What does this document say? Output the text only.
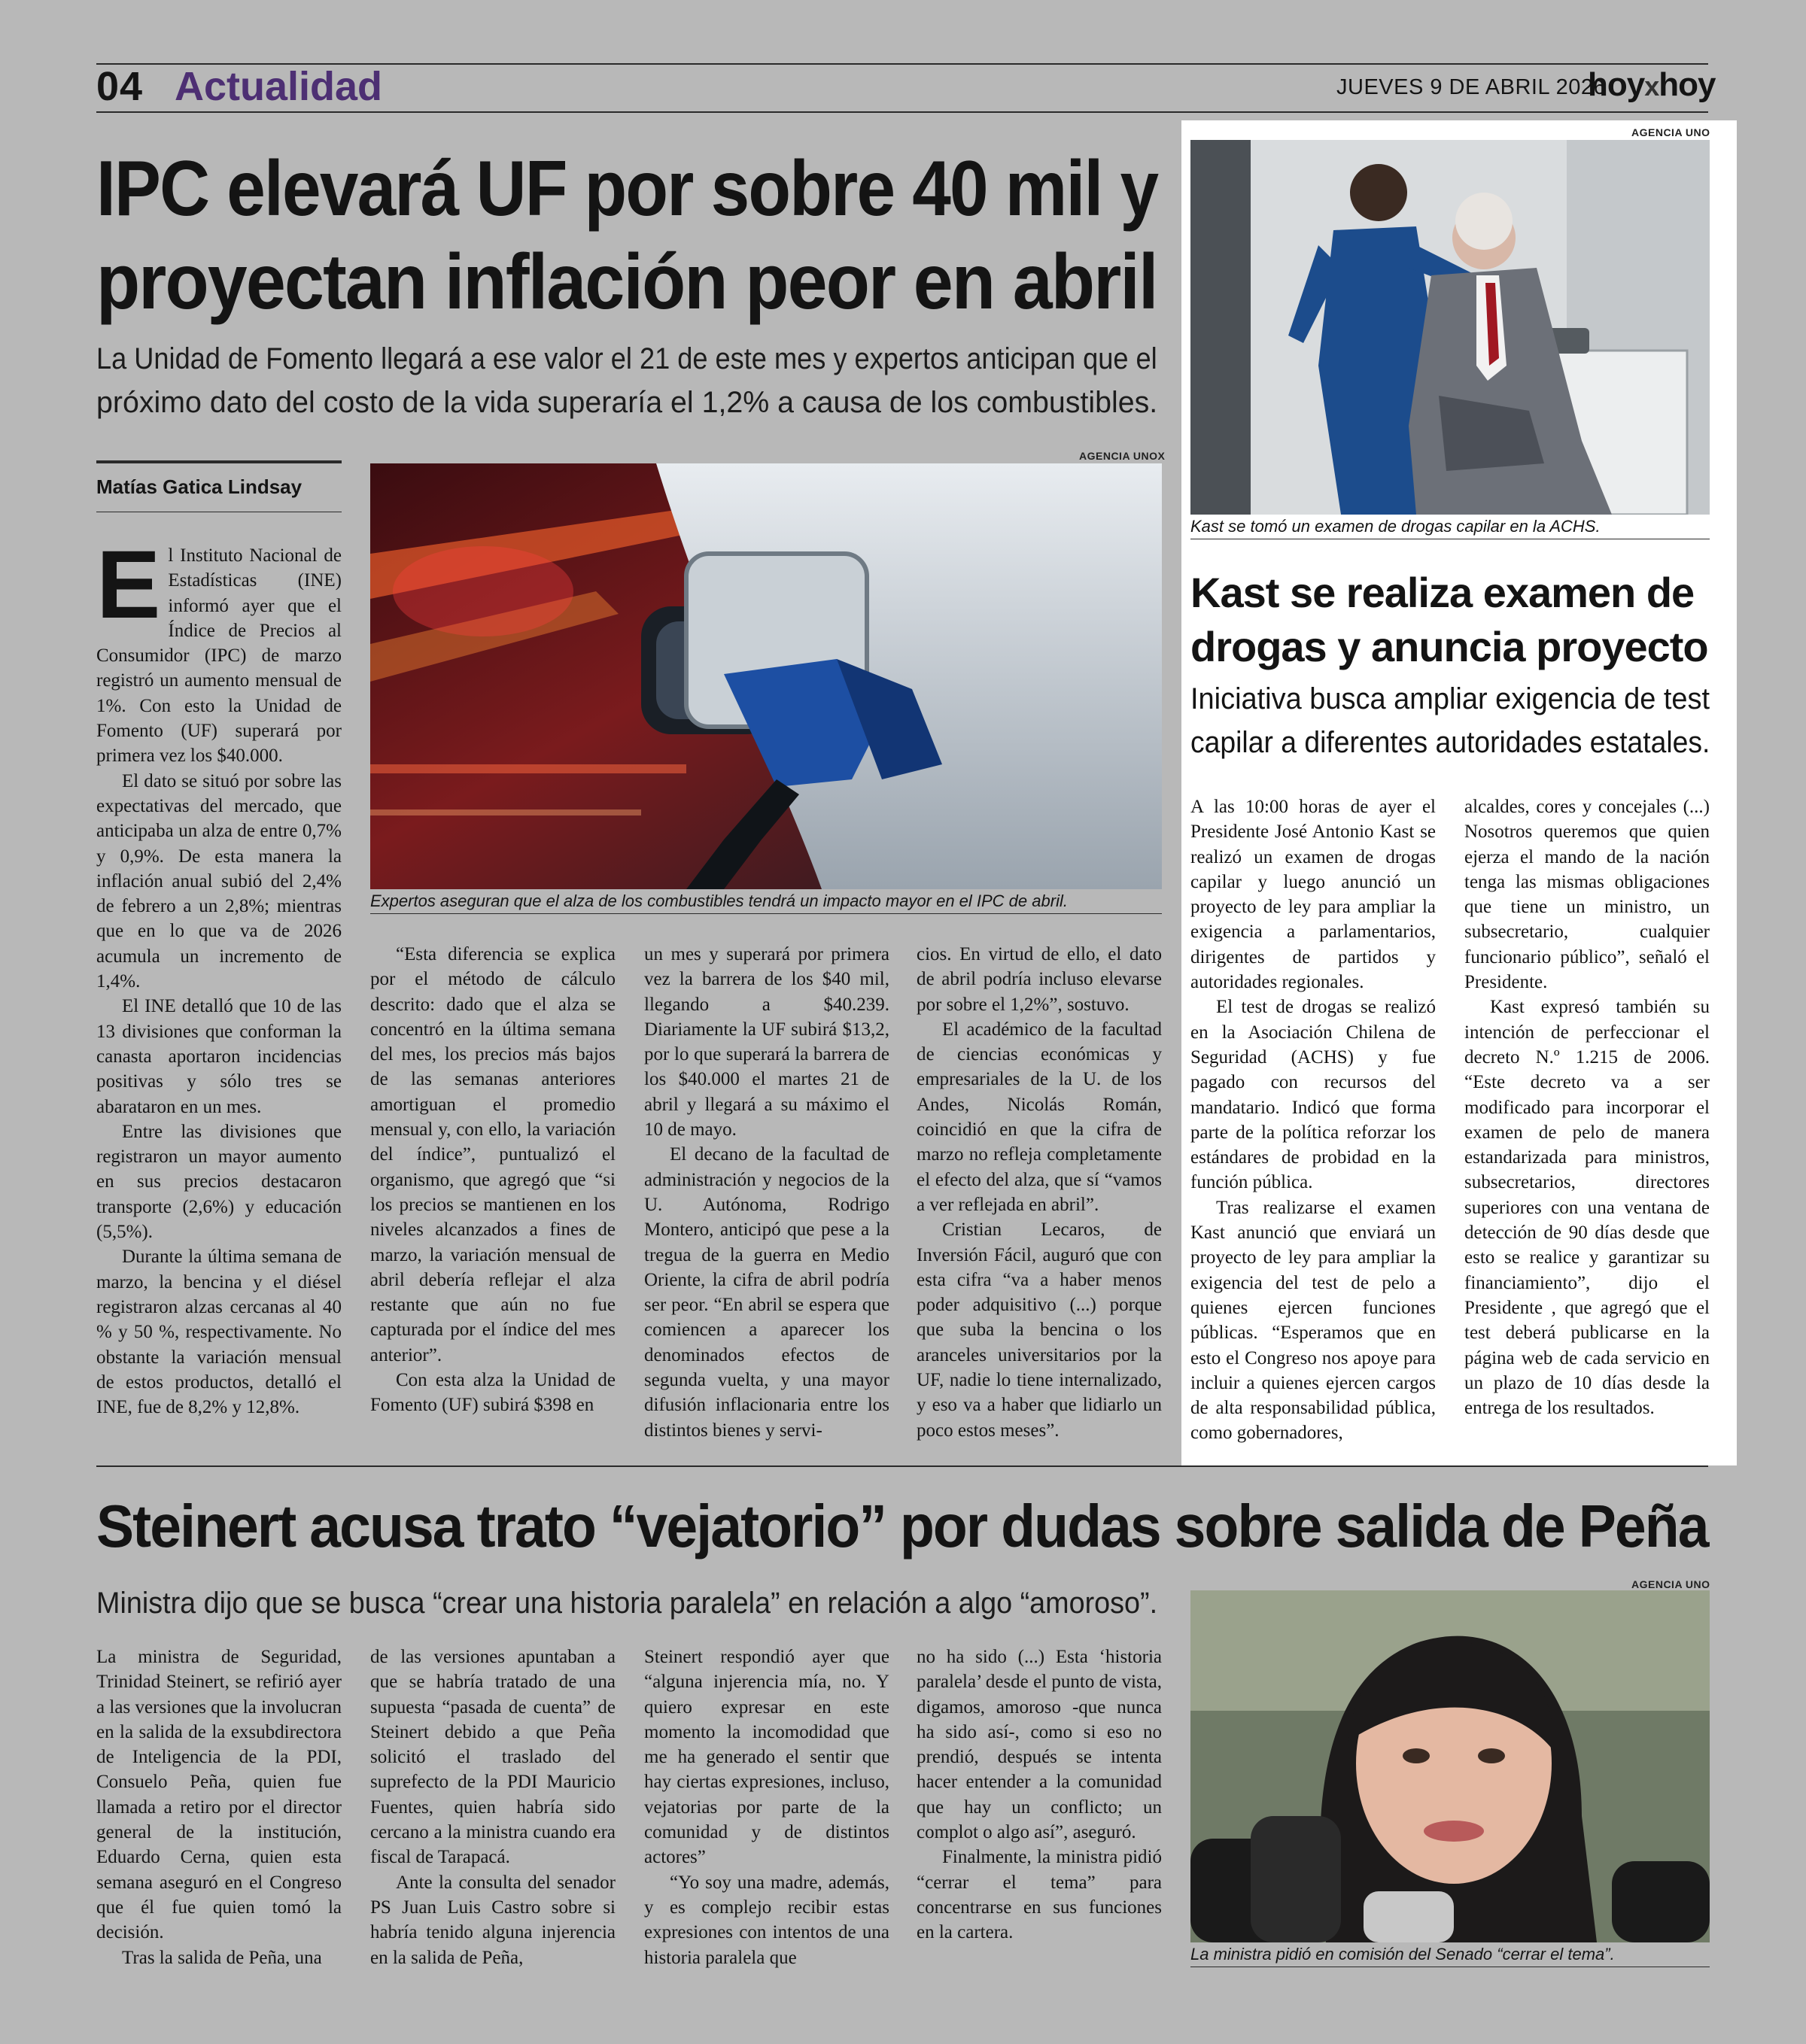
04 Actualidad	JUEVES 9 DE ABRIL 2026
hoyxhoy
IPC elevará UF por sobre 40 mil y
proyectan inflación peor en abril
La Unidad de Fomento llegará a ese valor el 21 de este mes y expertos anticipan que el
próximo dato del costo de la vida superaría el 1,2% a causa de los combustibles.
Matías Gatica Lindsay
AGENCIA UNOX
Expertos aseguran que el alza de los combustibles tendrá un impacto mayor en el IPC de abril.
E l Instituto Nacional de Estadísticas (INE) informó ayer que el Índice de Precios al Consumidor (IPC) de marzo registró un aumento mensual de 1%. Con esto la Unidad de Fomento (UF) superará por primera vez los $40.000.

El dato se situó por sobre las expectativas del mercado, que anticipaba un alza de entre 0,7% y 0,9%. De esta manera la inflación anual subió del 2,4% de febrero a un 2,8%; mientras que en lo que va de 2026 acumula un incremento de 1,4%.

El INE detalló que 10 de las 13 divisiones que conforman la canasta aportaron incidencias positivas y sólo tres se abarataron en un mes.

Entre las divisiones que registraron un mayor aumento en sus precios destacaron transporte (2,6%) y educación (5,5%).

Durante la última semana de marzo, la bencina y el diésel registraron alzas cercanas al 40 % y 50 %, respectivamente. No obstante la variación mensual de estos productos, detalló el INE, fue de 8,2% y 12,8%.

“Esta diferencia se explica por el método de cálculo descrito: dado que el alza se concentró en la última semana del mes, los precios más bajos de las semanas anteriores amortiguan el promedio mensual y, con ello, la variación del índice”, puntualizó el organismo, que agregó que “si los precios se mantienen en los niveles alcanzados a fines de marzo, la variación mensual de abril debería reflejar el alza restante que aún no fue capturada por el índice del mes anterior”.

Con esta alza la Unidad de Fomento (UF) subirá $398 en

un mes y superará por primera vez la barrera de los $40 mil, llegando a $40.239. Diariamente la UF subirá $13,2, por lo que superará la barrera de los $40.000 el martes 21 de abril y llegará a su máximo el 10 de mayo.

El decano de la facultad de administración y negocios de la U. Autónoma, Rodrigo Montero, anticipó que pese a la tregua de la guerra en Medio Oriente, la cifra de abril podría ser peor. “En abril se espera que comiencen a aparecer los denominados efectos de segunda vuelta, y una mayor difusión inflacionaria entre los distintos bienes y servi-

cios. En virtud de ello, el dato de abril podría incluso elevarse por sobre el 1,2%”, sostuvo.

El académico de la facultad de ciencias económicas y empresariales de la U. de los Andes, Nicolás Román, coincidió en que la cifra de marzo no refleja completamente el efecto del alza, que sí “vamos a ver reflejada en abril”.

Cristian Lecaros, de Inversión Fácil, auguró que con esta cifra “va a haber menos poder adquisitivo (...) porque que suba la bencina o los aranceles universitarios por la UF, nadie lo tiene internalizado, y eso va a haber que lidiarlo un poco estos meses”.

AGENCIA UNO
Kast se tomó un examen de drogas capilar en la ACHS.
Kast se realiza examen de
drogas y anuncia proyecto
Iniciativa busca ampliar exigencia de test
capilar a diferentes autoridades estatales.

A las 10:00 horas de ayer el Presidente José Antonio Kast se realizó un examen de drogas capilar y luego anunció un proyecto de ley para ampliar la exigencia a parlamentarios, dirigentes de partidos y autoridades regionales.

El test de drogas se realizó en la Asociación Chilena de Seguridad (ACHS) y fue pagado con recursos del mandatario. Indicó que forma parte de la política reforzar los estándares de probidad en la función pública.

Tras realizarse el examen Kast anunció que enviará un proyecto de ley para ampliar la exigencia del test de pelo a quienes ejercen funciones públicas. “Esperamos que en esto el Congreso nos apoye para incluir a quienes ejercen cargos de alta responsabilidad pública, como gobernadores,

alcaldes, cores y concejales (...) Nosotros queremos que quien ejerza el mando de la nación tenga las mismas obligaciones que tiene un ministro, un subsecretario, cualquier funcionario público”, señaló el Presidente.

Kast expresó también su intención de perfeccionar el decreto N.º 1.215 de 2006. “Este decreto va a ser modificado para incorporar el examen de pelo de manera estandarizada para ministros, subsecretarios, directores superiores con una ventana de detección de 90 días desde que esto se realice y garantizar su financiamiento”, dijo el Presidente , que agregó que el test deberá publicarse en la página web de cada servicio en un plazo de 10 días desde la entrega de los resultados.

Steinert acusa trato “vejatorio” por dudas sobre salida de Peña
Ministra dijo que se busca “crear una historia paralela” en relación a algo “amoroso”.
AGENCIA UNO
La ministra pidió en comisión del Senado “cerrar el tema”.

La ministra de Seguridad, Trinidad Steinert, se refirió ayer a las versiones que la involucran en la salida de la exsubdirectora de Inteligencia de la PDI, Consuelo Peña, quien fue llamada a retiro por el director general de la institución, Eduardo Cerna, quien esta semana aseguró en el Congreso que él fue quien tomó la decisión.

Tras la salida de Peña, una

de las versiones apuntaban a que se habría tratado de una supuesta “pasada de cuenta” de Steinert debido a que Peña solicitó el traslado del suprefecto de la PDI Mauricio Fuentes, quien habría sido cercano a la ministra cuando era fiscal de Tarapacá.

Ante la consulta del senador PS Juan Luis Castro sobre si habría tenido alguna injerencia en la salida de Peña,

Steinert respondió ayer que “alguna injerencia mía, no. Y quiero expresar en este momento la incomodidad que me ha generado el sentir que hay ciertas expresiones, incluso, vejatorias por parte de la comunidad y de distintos actores”

“Yo soy una madre, además, y es complejo recibir estas expresiones con intentos de una historia paralela que

no ha sido (...) Esta ‘historia paralela’ desde el punto de vista, digamos, amoroso -que nunca ha sido así-, como si eso no prendió, después se intenta hacer entender a la comunidad que hay un conflicto; un complot o algo así”, aseguró.

Finalmente, la ministra pidió “cerrar el tema” para concentrarse en sus funciones en la cartera.
